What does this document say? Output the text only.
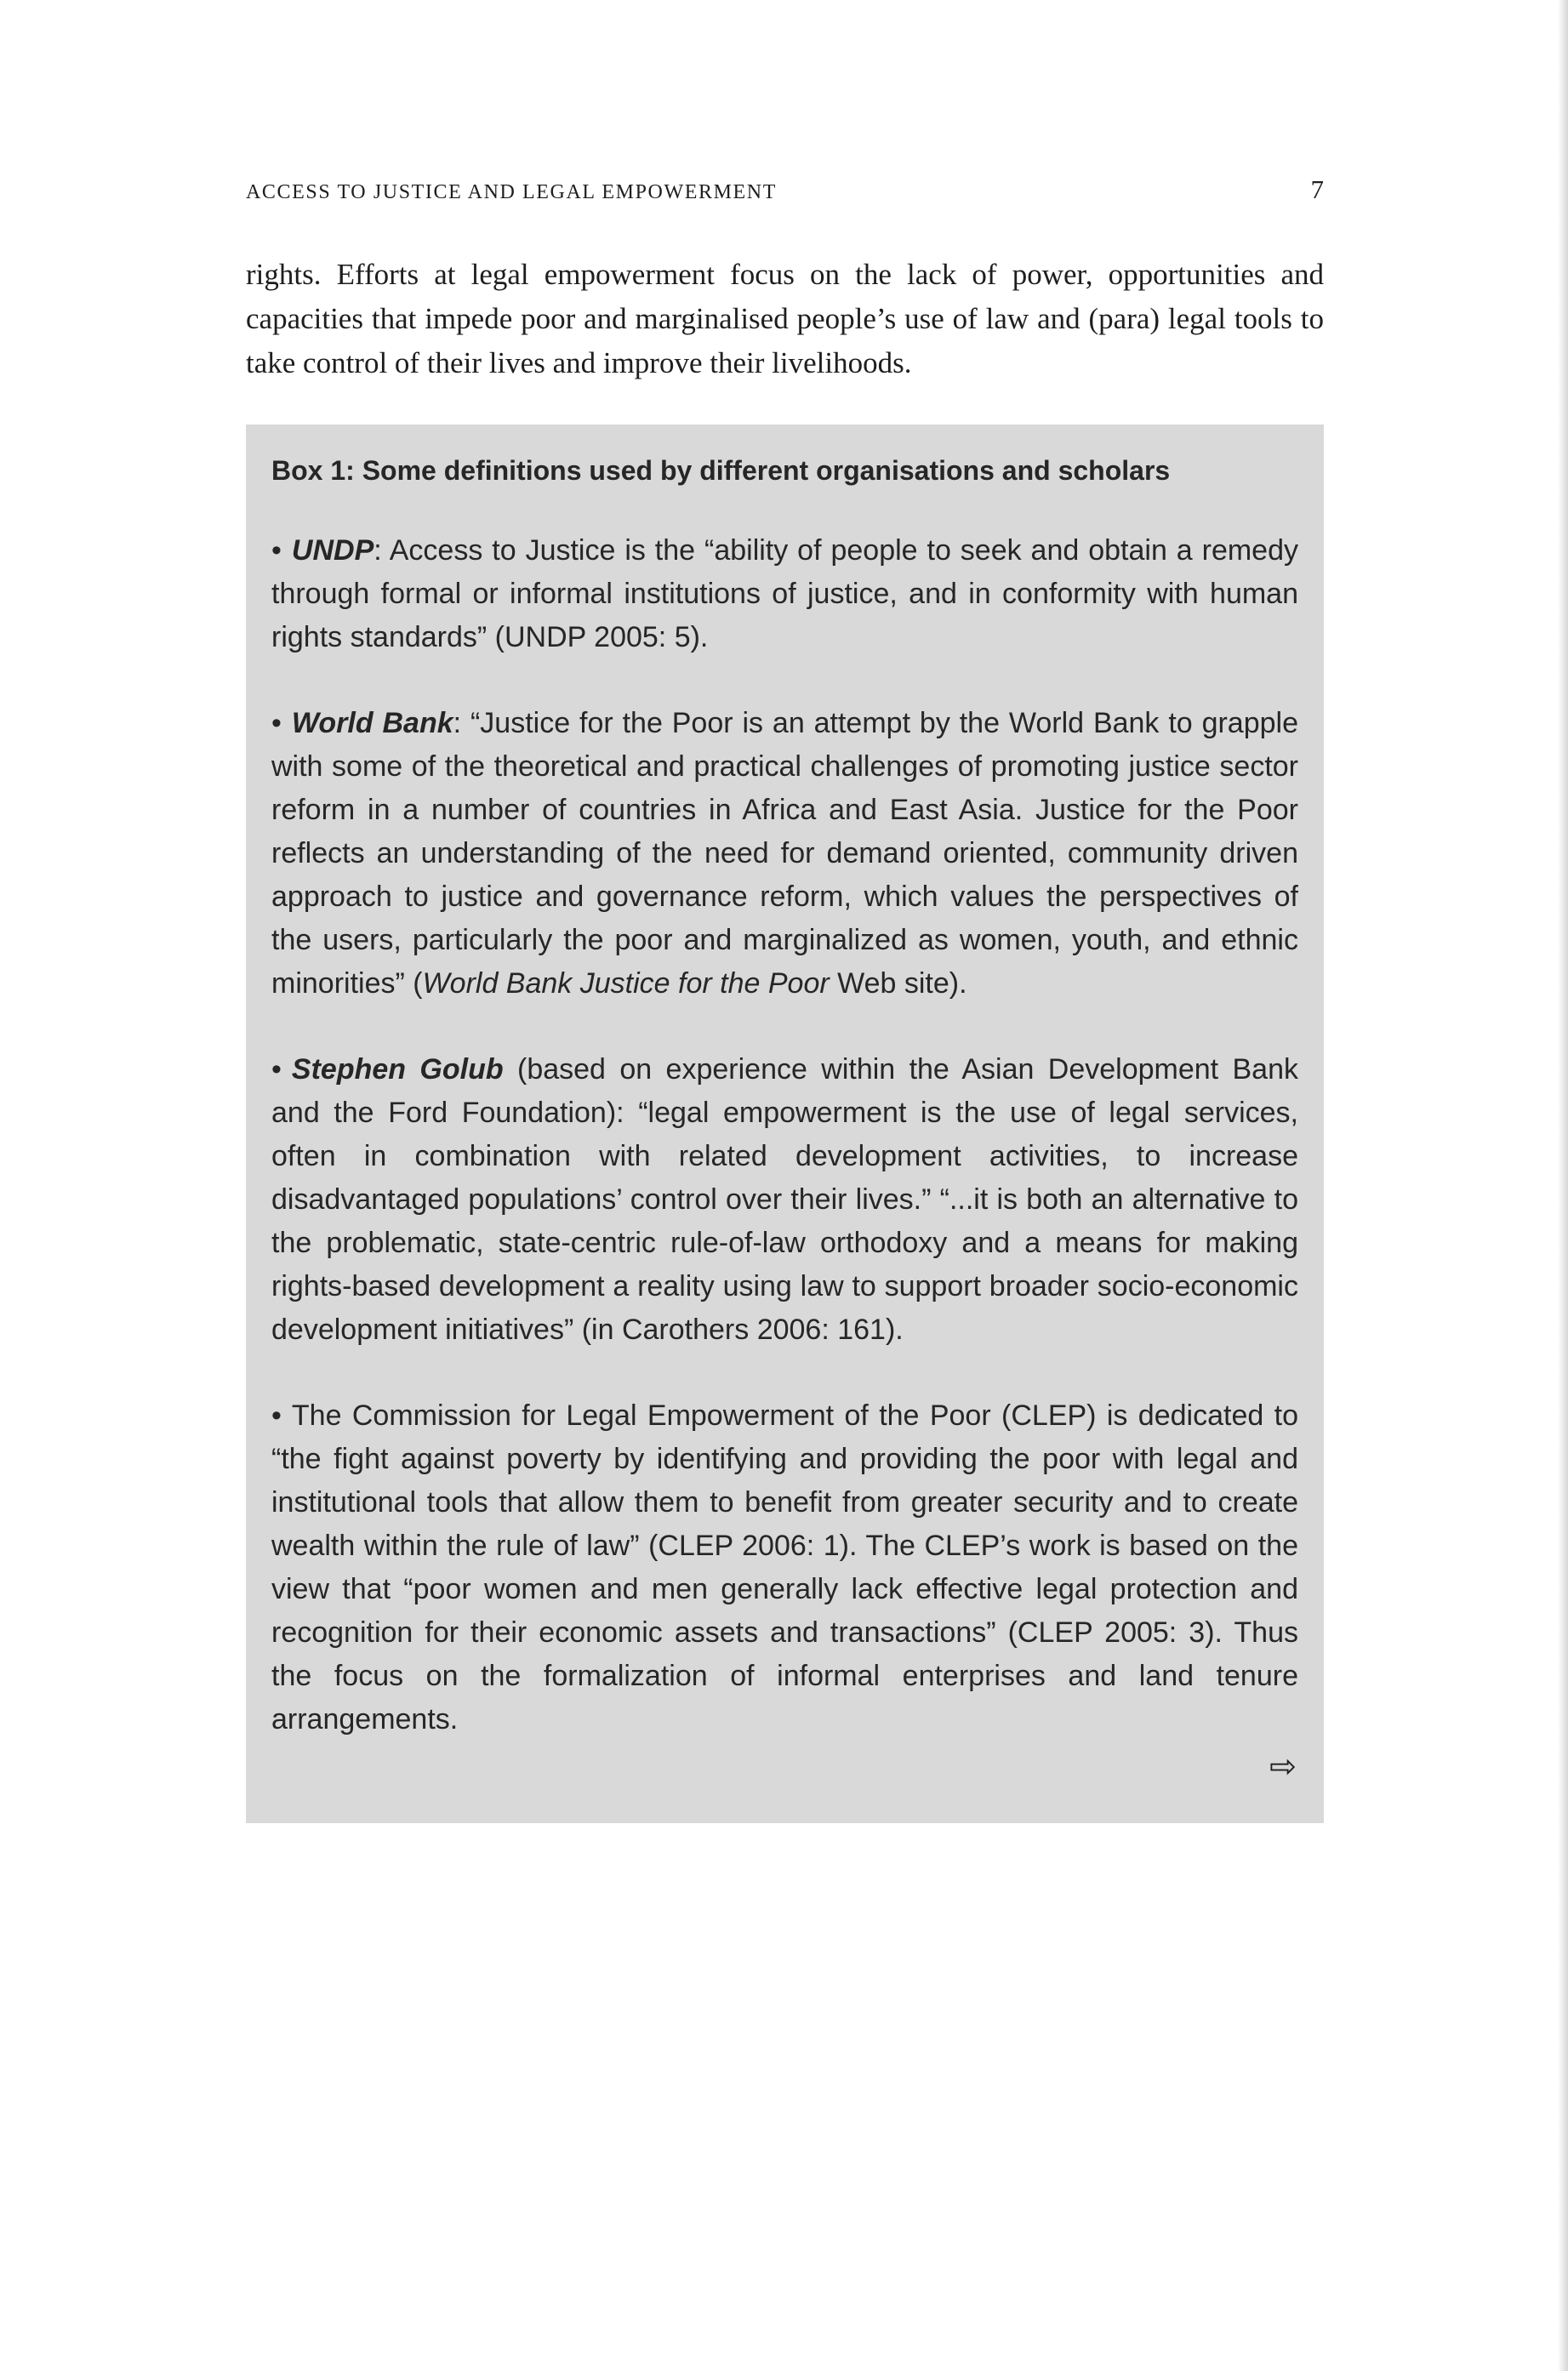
ACCESS TO JUSTICE AND LEGAL EMPOWERMENT	7

rights. Efforts at legal empowerment focus on the lack of power, opportunities and capacities that impede poor and marginalised people’s use of law and (para) legal tools to take control of their lives and improve their livelihoods.

Box 1: Some definitions used by different organisations and scholars

• UNDP: Access to Justice is the “ability of people to seek and obtain a remedy through formal or informal institutions of justice, and in conformity with human rights standards” (UNDP 2005: 5).

• World Bank: “Justice for the Poor is an attempt by the World Bank to grapple with some of the theoretical and practical challenges of promoting justice sector reform in a number of countries in Africa and East Asia. Justice for the Poor reflects an understanding of the need for demand oriented, community driven approach to justice and governance reform, which values the perspectives of the users, particularly the poor and marginalized as women, youth, and ethnic minorities” (World Bank Justice for the Poor Web site).

• Stephen Golub (based on experience within the Asian Development Bank and the Ford Foundation): “legal empowerment is the use of legal services, often in combination with related development activities, to increase disadvantaged populations’ control over their lives.” “...it is both an alternative to the problematic, state-centric rule-of-law orthodoxy and a means for making rights-based development a reality using law to support broader socio-economic development initiatives” (in Carothers 2006: 161).

• The Commission for Legal Empowerment of the Poor (CLEP) is dedicated to “the fight against poverty by identifying and providing the poor with legal and institutional tools that allow them to benefit from greater security and to create wealth within the rule of law” (CLEP 2006: 1). The CLEP’s work is based on the view that “poor women and men generally lack effective legal protection and recognition for their economic assets and transactions” (CLEP 2005: 3). Thus the focus on the formalization of informal enterprises and land tenure arrangements.

⇨
